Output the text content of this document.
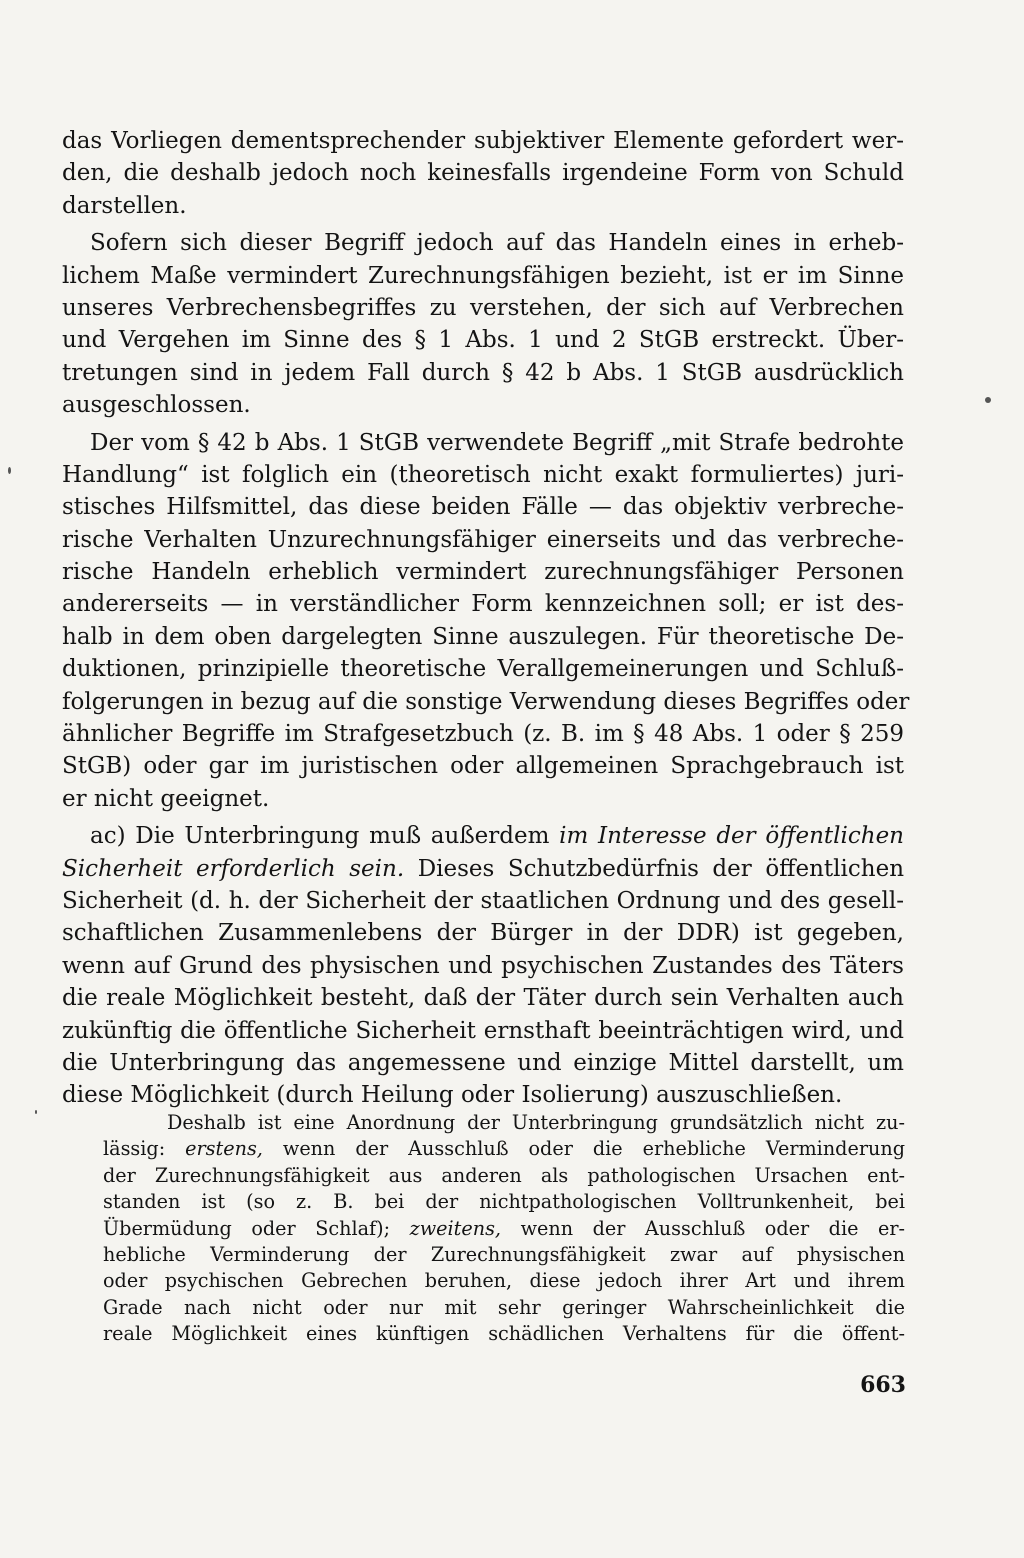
das Vorliegen dementsprechender subjektiver Elemente gefordert wer-
den, die deshalb jedoch noch keinesfalls irgendeine Form von Schuld
darstellen.
Sofern sich dieser Begriff jedoch auf das Handeln eines in erheb-
lichem Maße vermindert Zurechnungsfähigen bezieht, ist er im Sinne
unseres Verbrechensbegriffes zu verstehen, der sich auf Verbrechen
und Vergehen im Sinne des § 1 Abs. 1 und 2 StGB erstreckt. Über-
tretungen sind in jedem Fall durch § 42 b Abs. 1 StGB ausdrücklich
ausgeschlossen.
Der vom § 42 b Abs. 1 StGB verwendete Begriff „mit Strafe bedrohte
Handlung“ ist folglich ein (theoretisch nicht exakt formuliertes) juri-
stisches Hilfsmittel, das diese beiden Fälle — das objektiv verbreche-
rische Verhalten Unzurechnungsfähiger einerseits und das verbreche-
rische Handeln erheblich vermindert zurechnungsfähiger Personen
andererseits — in verständlicher Form kennzeichnen soll; er ist des-
halb in dem oben dargelegten Sinne auszulegen. Für theoretische De-
duktionen, prinzipielle theoretische Verallgemeinerungen und Schluß-
folgerungen in bezug auf die sonstige Verwendung dieses Begriffes oder
ähnlicher Begriffe im Strafgesetzbuch (z. B. im § 48 Abs. 1 oder § 259
StGB) oder gar im juristischen oder allgemeinen Sprachgebrauch ist
er nicht geeignet.
ac) Die Unterbringung muß außerdem im Interesse der öffentlichen
Sicherheit erforderlich sein. Dieses Schutzbedürfnis der öffentlichen
Sicherheit (d. h. der Sicherheit der staatlichen Ordnung und des gesell-
schaftlichen Zusammenlebens der Bürger in der DDR) ist gegeben,
wenn auf Grund des physischen und psychischen Zustandes des Täters
die reale Möglichkeit besteht, daß der Täter durch sein Verhalten auch
zukünftig die öffentliche Sicherheit ernsthaft beeinträchtigen wird, und
die Unterbringung das angemessene und einzige Mittel darstellt, um
diese Möglichkeit (durch Heilung oder Isolierung) auszuschließen.
Deshalb ist eine Anordnung der Unterbringung grundsätzlich nicht zu-
lässig: erstens, wenn der Ausschluß oder die erhebliche Verminderung
der Zurechnungsfähigkeit aus anderen als pathologischen Ursachen ent-
standen ist (so z. B. bei der nichtpathologischen Volltrunkenheit, bei
Übermüdung oder Schlaf); zweitens, wenn der Ausschluß oder die er-
hebliche Verminderung der Zurechnungsfähigkeit zwar auf physischen
oder psychischen Gebrechen beruhen, diese jedoch ihrer Art und ihrem
Grade nach nicht oder nur mit sehr geringer Wahrscheinlichkeit die
reale Möglichkeit eines künftigen schädlichen Verhaltens für die öffent-
663
